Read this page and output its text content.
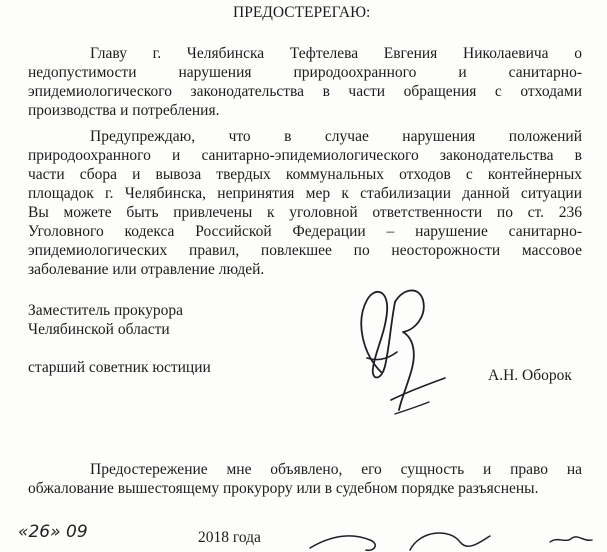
ПРЕДОСТЕРЕГАЮ:
Главу г. Челябинска Тефтелева Евгения Николаевича о
недопустимости нарушения природоохранного и санитарно-
эпидемиологического законодательства в части обращения с отходами
производства и потребления.
Предупреждаю, что в случае нарушения положений
природоохранного и санитарно-эпидемиологического законодательства в
части сбора и вывоза твердых коммунальных отходов с контейнерных
площадок г. Челябинска, непринятия мер к стабилизации данной ситуации
Вы можете быть привлечены к уголовной ответственности по ст. 236
Уголовного кодекса Российской Федерации – нарушение санитарно-
эпидемиологических правил, повлекшее по неосторожности массовое
заболевание или отравление людей.
Заместитель прокурора
Челябинской области
старший советник юстиции	А.Н. Оборок
Предостережение мне объявлено, его сущность и право на
обжалование вышестоящему прокурору или в судебном порядке разъяснены.
«26» 09	2018 года
